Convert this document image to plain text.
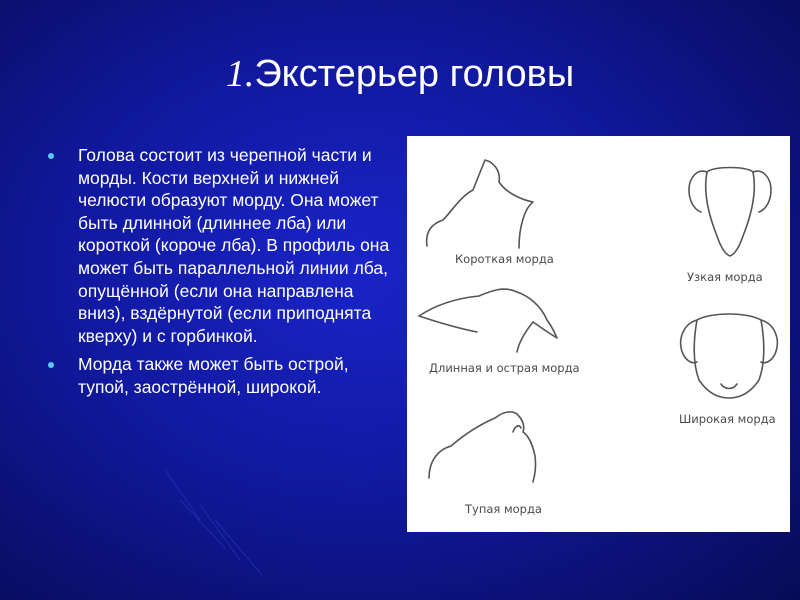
1.Экстерьер головы
Голова состоит из черепной части и морды. Кости верхней и нижней челюсти образуют морду. Она может быть длинной (длиннее лба) или короткой (короче лба). В профиль она может быть параллельной линии лба, опущённой (если она направлена вниз), вздёрнутой (если приподнята кверху) и с горбинкой.
Морда также может быть острой, тупой, заострённой, широкой.
Короткая морда
Узкая морда
Длинная и острая морда
Широкая морда
Тупая морда
